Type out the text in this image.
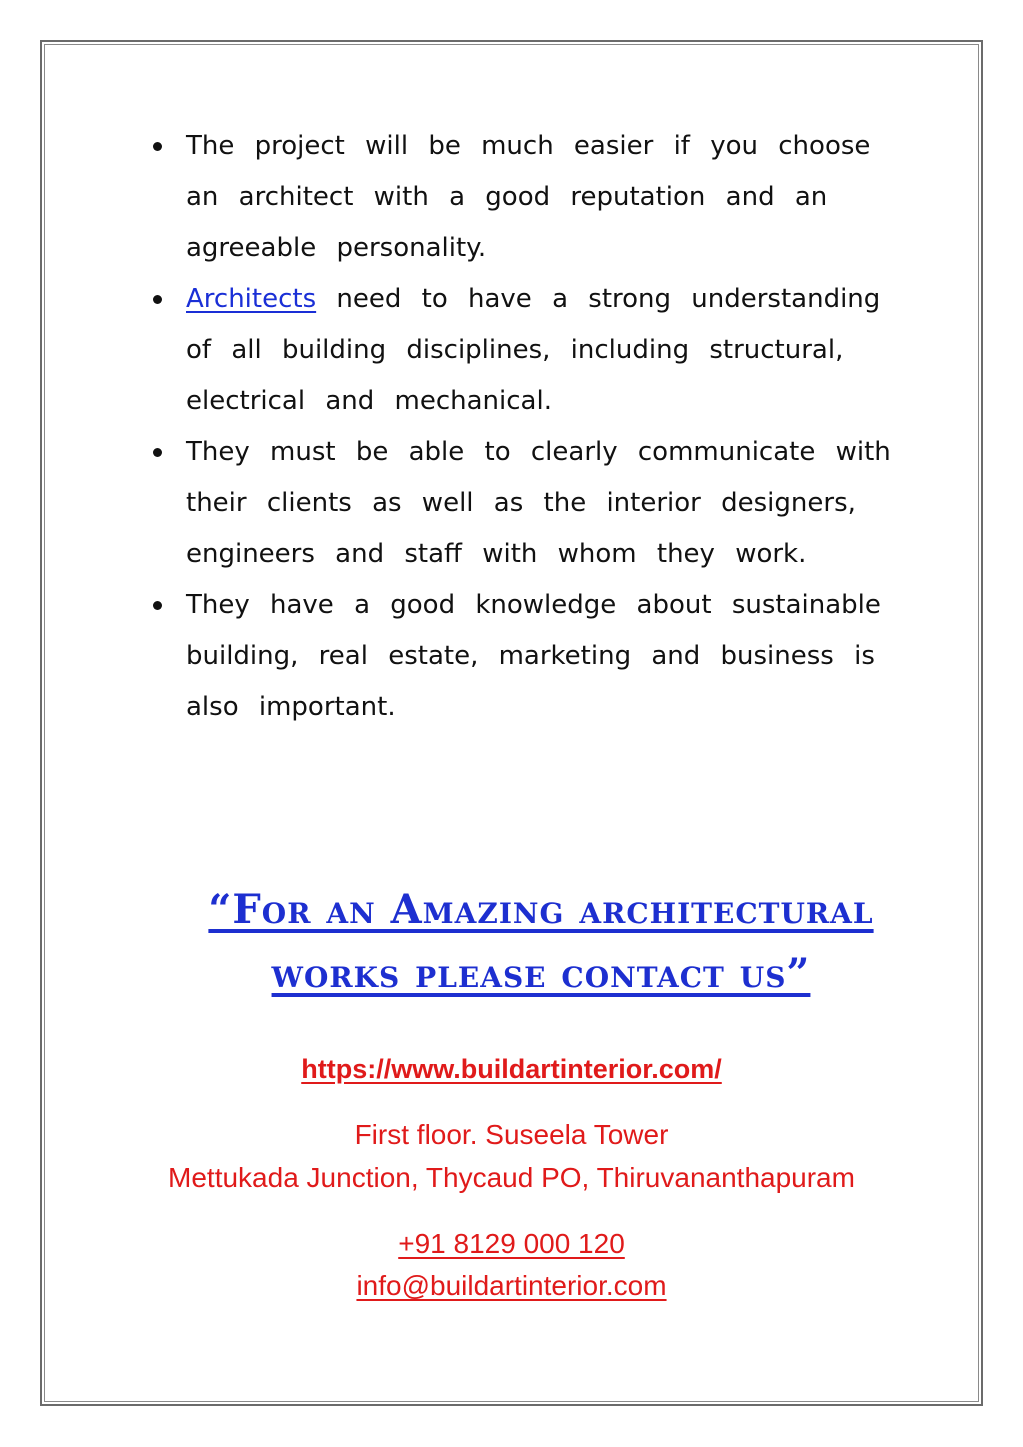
The project will be much easier if you choose an architect with a good reputation and an agreeable personality.
Architects need to have a strong understanding of all building disciplines, including structural, electrical and mechanical.
They must be able to clearly communicate with their clients as well as the interior designers, engineers and staff with whom they work.
They have a good knowledge about sustainable building, real estate, marketing and business is also important.
“For an Amazing architectural
works please contact us”

https://www.buildartinterior.com/

First floor. Suseela Tower

Mettukada Junction, Thycaud PO, Thiruvananthapuram

+91 8129 000 120

info@buildartinterior.com
